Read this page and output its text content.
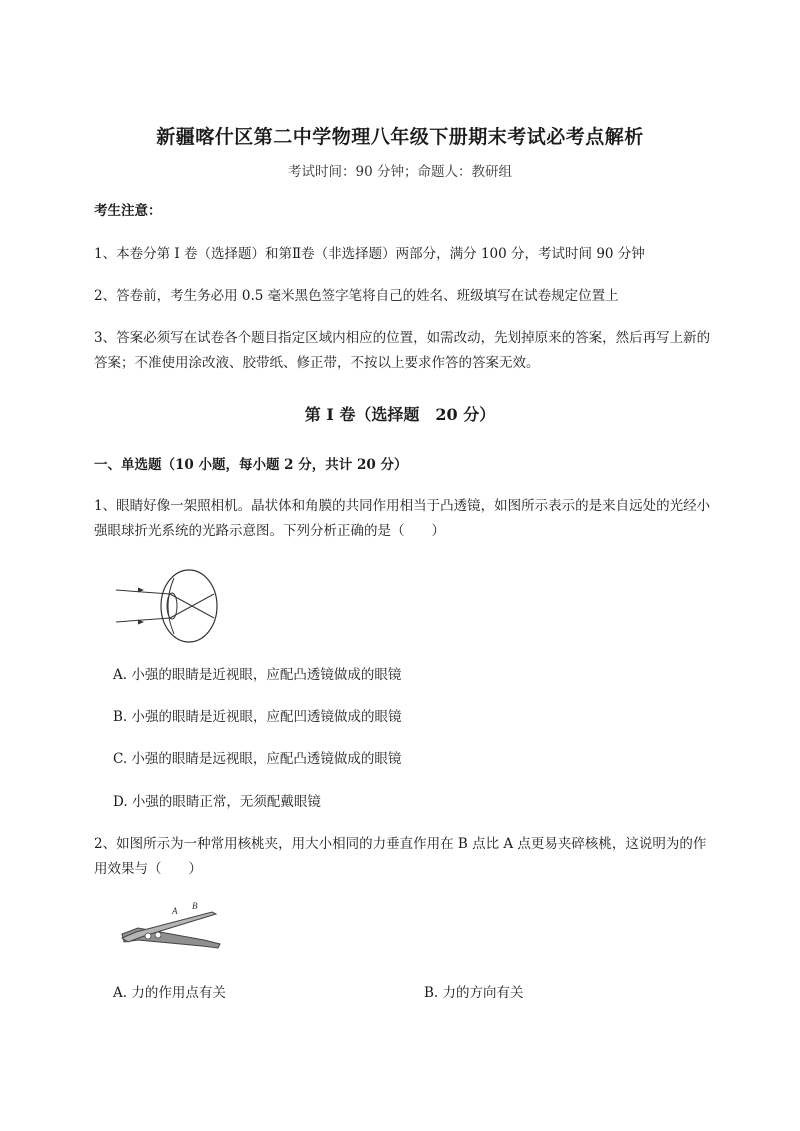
新疆喀什区第二中学物理八年级下册期末考试必考点解析
考试时间：90 分钟；命题人：教研组
考生注意：
1、本卷分第 I 卷（选择题）和第Ⅱ卷（非选择题）两部分，满分 100 分，考试时间 90 分钟
2、答卷前，考生务必用 0.5 毫米黑色签字笔将自己的姓名、班级填写在试卷规定位置上
3、答案必须写在试卷各个题目指定区域内相应的位置，如需改动，先划掉原来的答案，然后再写上新的答案；不准使用涂改液、胶带纸、修正带，不按以上要求作答的答案无效。
第 I 卷（选择题　20 分）
一、单选题（10 小题，每小题 2 分，共计 20 分）
1、眼睛好像一架照相机。晶状体和角膜的共同作用相当于凸透镜，如图所示表示的是来自远处的光经小强眼球折光系统的光路示意图。下列分析正确的是（　　）
A. 小强的眼睛是近视眼，应配凸透镜做成的眼镜
B. 小强的眼睛是近视眼，应配凹透镜做成的眼镜
C. 小强的眼睛是远视眼，应配凸透镜做成的眼镜
D. 小强的眼睛正常，无须配戴眼镜
2、如图所示为一种常用核桃夹，用大小相同的力垂直作用在 B 点比 A 点更易夹碎核桃，这说明为的作用效果与（　　）
A B
A. 力的作用点有关	B. 力的方向有关
